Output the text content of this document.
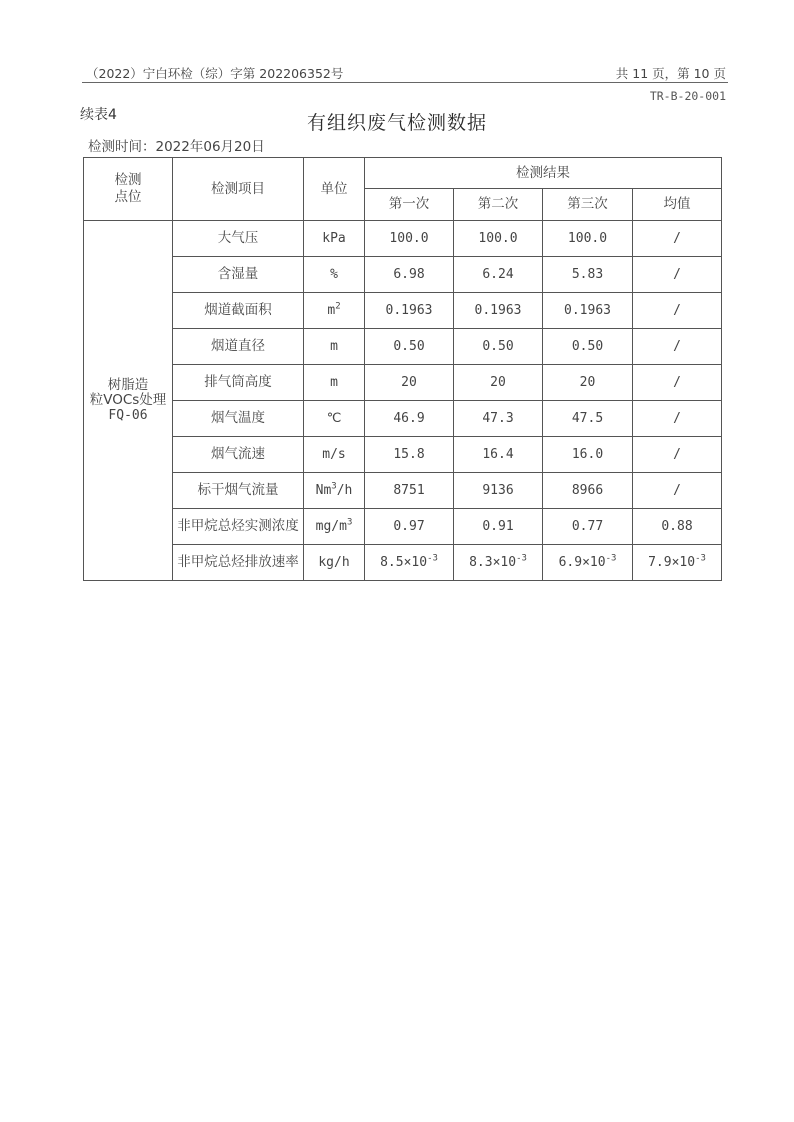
（2022）宁白环检（综）字第 202206352号	共 11 页，第 10 页
TR-B-20-001
续表4	有组织废气检测数据
检测时间：2022年06月20日
检测点位	检测项目	单位	检测结果			
			第一次	第二次	第三次	均值

树脂造
粒VOCs处理
FQ-06	大气压	kPa	100.0	100.0	100.0	/
	含湿量	%	6.98	6.24	5.83	/
	烟道截面积	$m^2$	0.1963	0.1963	0.1963	/
	烟道直径	m	0.50	0.50	0.50	/
	排气筒高度	m	20	20	20	/
	烟气温度	℃	46.9	47.3	47.5	/
	烟气流速	m/s	15.8	16.4	16.0	/
	标干烟气流量	Nm$^3$/h	8751	9136	8966	/
	非甲烷总烃实测浓度	$mg/m^3$	0.97	0.91	0.77	0.88
	非甲烷总烃排放速率	kg/h	$8.5\times 10^{-3}$	$8.3\times 10^{-3}$	$6.9\times 10^{-3}$	$7.9\times 10^{-3}$
